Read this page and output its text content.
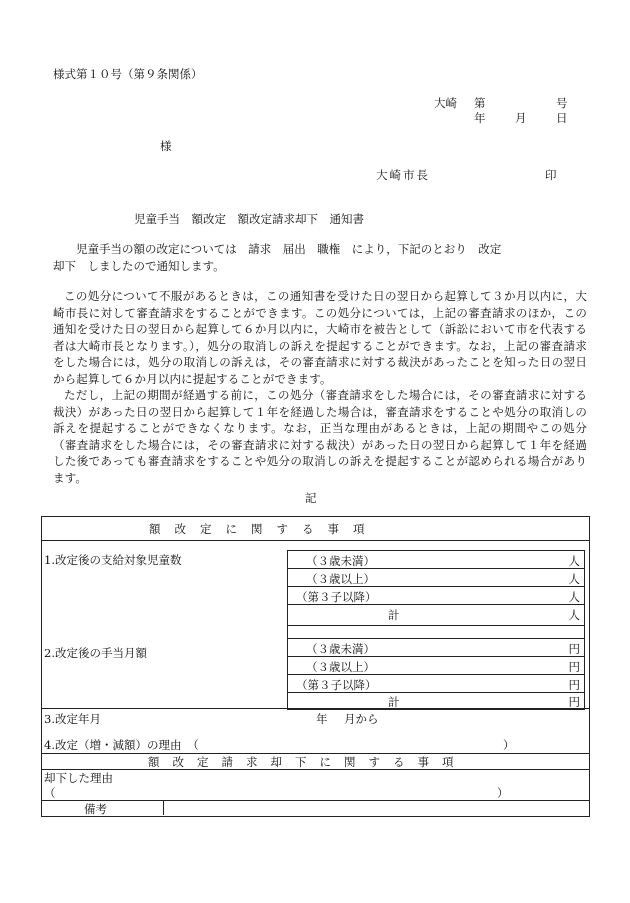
様式第１０号（第９条関係）
大崎 第	号
年	月	日
様
大崎市長	印
児童手当　額改定　額改定請求却下　通知書
児童手当の額の改定については　請求　届出　職権　により，下記のとおり　改定
却下　しましたので通知します。
この処分について不服があるときは，この通知書を受けた日の翌日から起算して３か月以内に，大崎市長に対して審査請求をすることができます。この処分については，上記の審査請求のほか，この通知を受けた日の翌日から起算して６か月以内に，大崎市を被告として（訴訟において市を代表する者は大崎市長となります。），処分の取消しの訴えを提起することができます。なお，上記の審査請求をした場合には，処分の取消しの訴えは，その審査請求に対する裁決があったことを知った日の翌日から起算して６か月以内に提起することができます。
ただし，上記の期間が経過する前に，この処分（審査請求をした場合には，その審査請求に対する裁決）があった日の翌日から起算して１年を経過した場合は，審査請求をすることや処分の取消しの訴えを提起することができなくなります。なお，正当な理由があるときは，上記の期間やこの処分（審査請求をした場合には，その審査請求に対する裁決）があった日の翌日から起算して１年を経過した後であっても審査請求をすることや処分の取消しの訴えを提起することが認められる場合があります。
記
額改定に関する事項
1.改定後の支給対象児童数	（３歳未満）	人
（３歳以上）	人
（第３子以降）	人
計	人
2.改定後の手当月額	（３歳未満）	円
（３歳以上）	円
（第３子以降）	円
計	円
3.改定年月	年 月から
4.改定（増・減額）の理由　（	）
額改定請求却下に関する事項
却下した理由
（	）
備考
